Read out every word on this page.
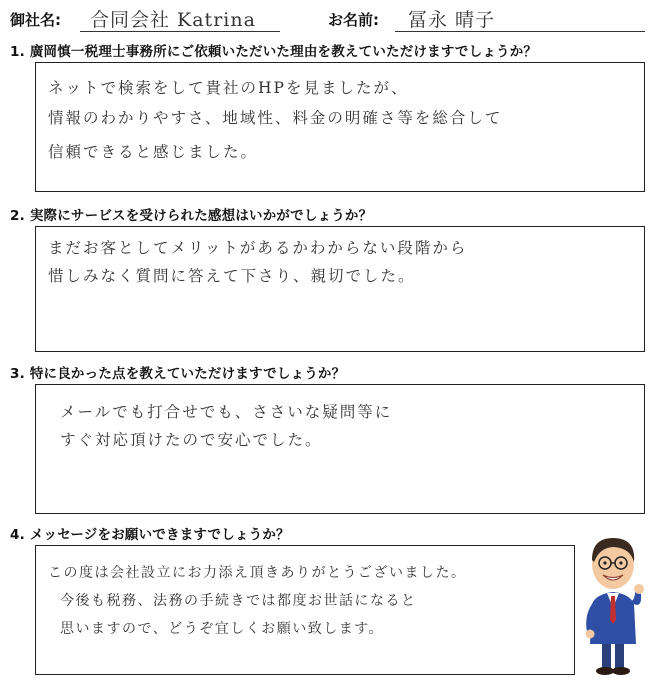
御社名: 合同会社 Katrina	お名前: 冨永 晴子
1. 廣岡慎一税理士事務所にご依頼いただいた理由を教えていただけますでしょうか？
ネットで検索をして貴社のHPを見ましたが、
情報のわかりやすさ、地域性、料金の明確さ等を総合して
信頼できると感じました。
2. 実際にサービスを受けられた感想はいかがでしょうか？
まだお客としてメリットがあるかわからない段階から
惜しみなく質問に答えて下さり、親切でした。
3. 特に良かった点を教えていただけますでしょうか？
メールでも打合せでも、ささいな疑問等に
すぐ対応頂けたので安心でした。
4. メッセージをお願いできますでしょうか？
この度は会社設立にお力添え頂きありがとうございました。
今後も税務、法務の手続きでは都度お世話になると
思いますので、どうぞ宜しくお願い致します。
